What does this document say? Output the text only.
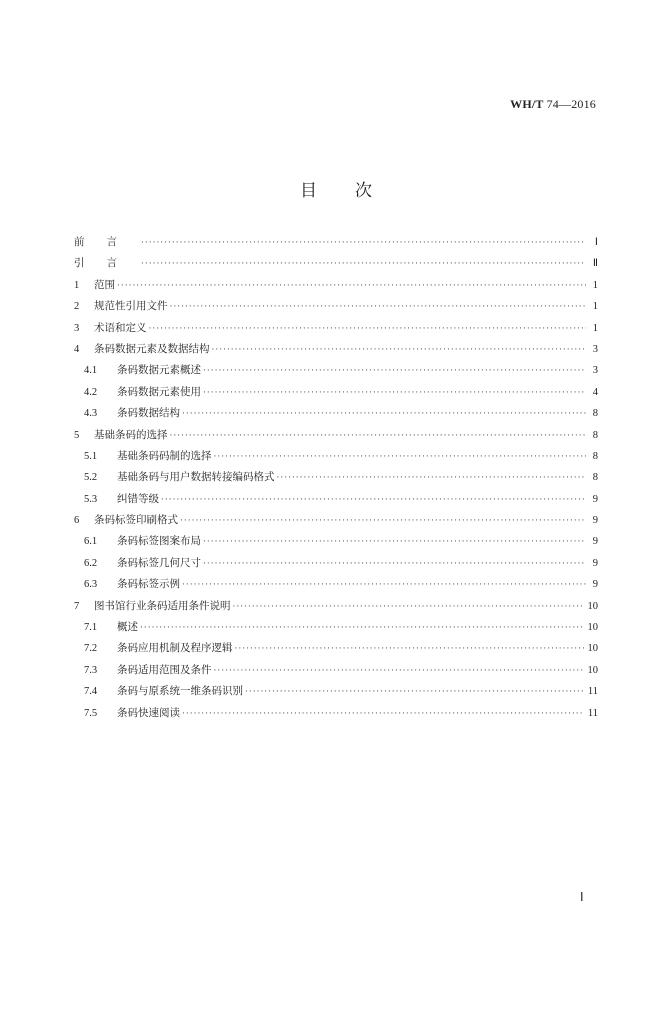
WH/T 74—2016
目 次
前言 ·····	Ⅰ
引言 ·····	Ⅱ
1 范围 ·····	1
2 规范性引用文件 ·····	1
3 术语和定义 ·····	1
4 条码数据元素及数据结构 ·····	3
4.1 条码数据元素概述 ·····	3
4.2 条码数据元素使用 ·····	4
4.3 条码数据结构 ·····	8
5 基础条码的选择 ·····	8
5.1 基础条码码制的选择 ·····	8
5.2 基础条码与用户数据转接编码格式 ·····	8
5.3 纠错等级 ·····	9
6 条码标签印刷格式 ·····	9
6.1 条码标签图案布局 ·····	9
6.2 条码标签几何尺寸 ·····	9
6.3 条码标签示例 ·····	9
7 图书馆行业条码适用条件说明 ·····	10
7.1 概述 ·····	10
7.2 条码应用机制及程序逻辑 ·····	10
7.3 条码适用范围及条件 ·····	10
7.4 条码与原系统一维条码识别 ·····	11
7.5 条码快速阅读 ·····	11
Ⅰ
